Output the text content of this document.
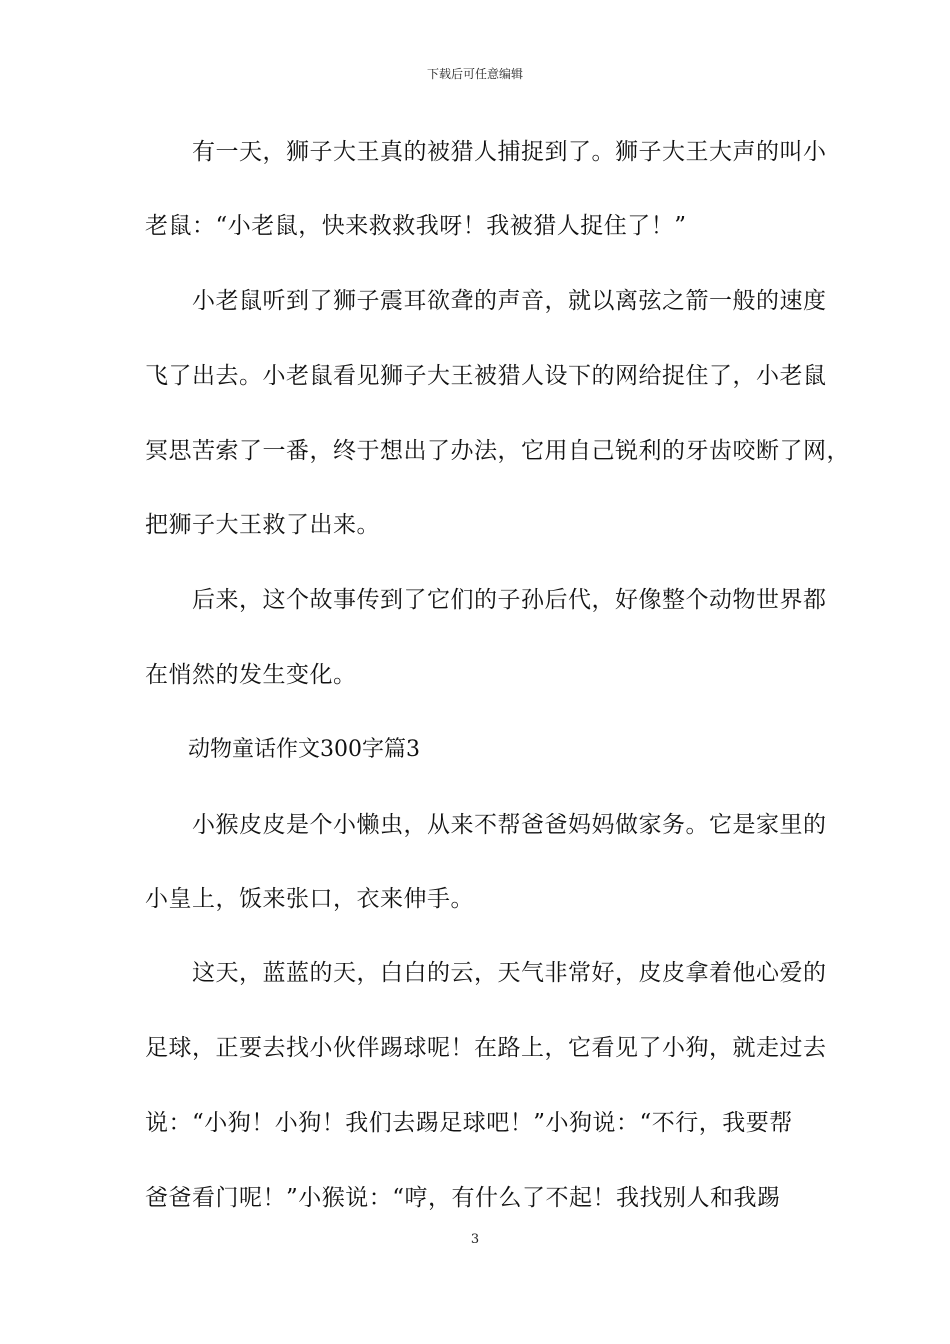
下载后可任意编辑
有一天，狮子大王真的被猎人捕捉到了。狮子大王大声的叫小
老鼠：“小老鼠，快来救救我呀！我被猎人捉住了！”
小老鼠听到了狮子震耳欲聋的声音，就以离弦之箭一般的速度
飞了出去。小老鼠看见狮子大王被猎人设下的网给捉住了，小老鼠
冥思苦索了一番，终于想出了办法，它用自己锐利的牙齿咬断了网，
把狮子大王救了出来。
后来，这个故事传到了它们的子孙后代，好像整个动物世界都
在悄然的发生变化。
动物童话作文300字篇3
小猴皮皮是个小懒虫，从来不帮爸爸妈妈做家务。它是家里的
小皇上，饭来张口，衣来伸手。
这天，蓝蓝的天，白白的云，天气非常好，皮皮拿着他心爱的
足球，正要去找小伙伴踢球呢！在路上，它看见了小狗，就走过去
说：“小狗！小狗！我们去踢足球吧！”小狗说：“不行，我要帮
爸爸看门呢！”小猴说：“哼，有什么了不起！我找别人和我踢
3
